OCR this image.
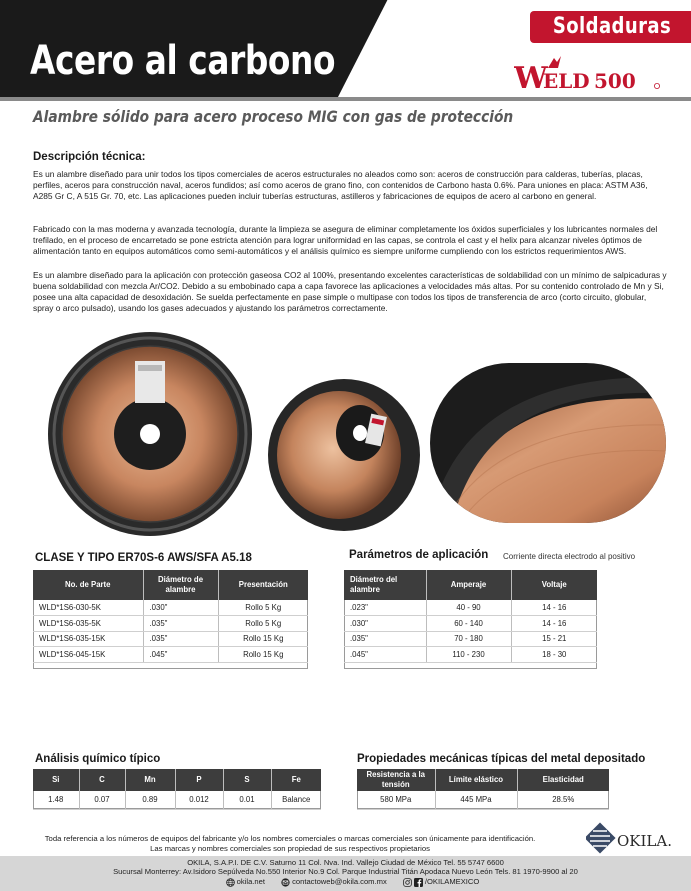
Soldaduras
Acero al carbono	W
ELD 500
Alambre sólido para acero proceso MIG con gas de protección
Descripción técnica:
Es un alambre diseñado para unir todos los tipos comerciales de aceros estructurales no aleados como son: aceros de construcción para calderas, tuberías, placas, perfiles, aceros para construcción naval, aceros fundidos; así como aceros de grano fino, con contenidos de Carbono hasta 0.6%. Para uniones en placa: ASTM A36, A285 Gr C, A 515 Gr. 70, etc. Las aplicaciones pueden incluir tuberías estructuras, astilleros y fabricaciones de equipos de acero al carbono en general.
Fabricado con la mas moderna y avanzada tecnología, durante la limpieza se asegura de eliminar completamente los óxidos superficiales y los lubricantes normales del trefilado, en el proceso de encarretado se pone estricta atención para lograr uniformidad en las capas, se controla el cast y el helix para alcanzar niveles óptimos de alimentación tanto en equipos automáticos como semi-automáticos y el análisis químico es siempre uniforme cumpliendo con los estrictos requerimientos AWS.
Es un alambre diseñado para la aplicación con protección gaseosa CO2 al 100%, presentando excelentes características de soldabilidad con un mínimo de salpicaduras y buena soldabilidad con mezcla Ar/CO2. Debido a su embobinado capa a capa favorece las aplicaciones a velocidades más altas. Por su contenido controlado de Mn y Si, posee una alta capacidad de desoxidación. Se suelda perfectamente en pase simple o multipase con todos los tipos de transferencia de arco (corto circuito, globular, spray o arco pulsado), usando los gases adecuados y ajustando los parámetros correctamente.
CLASE Y TIPO ER70S-6 AWS/SFA A5.18
No. de Parte	Diámetro de alambre	Presentación
WLD*1S6-030-5K	.030"	Rollo 5 Kg
WLD*1S6-035-5K	.035"	Rollo 5 Kg
WLD*1S6-035-15K	.035"	Rollo 15 Kg
WLD*1S6-045-15K	.045"	Rollo 15 Kg
Parámetros de aplicación Corriente directa electrodo al positivo
Diámetro del alambre	Amperaje	Voltaje
.023"	40 - 90	14 - 16
.030"	60 - 140	14 - 16
.035"	70 - 180	15 - 21
.045"	110 - 230	18 - 30
Análisis químico típico
Si	C	Mn	P	S	Fe
1.48	0.07	0.89	0.012	0.01	Balance
Propiedades mecánicas típicas del metal depositado
Resistencia a la tensión	Límite elástico	Elasticidad
580 MPa	445 MPa	28.5%
Toda referencia a los números de equipos del fabricante y/o los nombres comerciales o marcas comerciales son únicamente para identificación.
Las marcas y nombres comerciales son propiedad de sus respectivos propietarios	OKILA.
OKILA, S.A.P.I. DE C.V. Saturno 11 Col. Nva. Ind. Vallejo Ciudad de México Tel. 55 5747 6600
Sucursal Monterrey: Av.Isidoro Sepúlveda No.550 Interior No.9 Col. Parque Industrial Titán Apodaca Nuevo León Tels. 81 1970-9900 al 20
okila.net	contactoweb@okila.com.mx	/OKILAMEXICO
